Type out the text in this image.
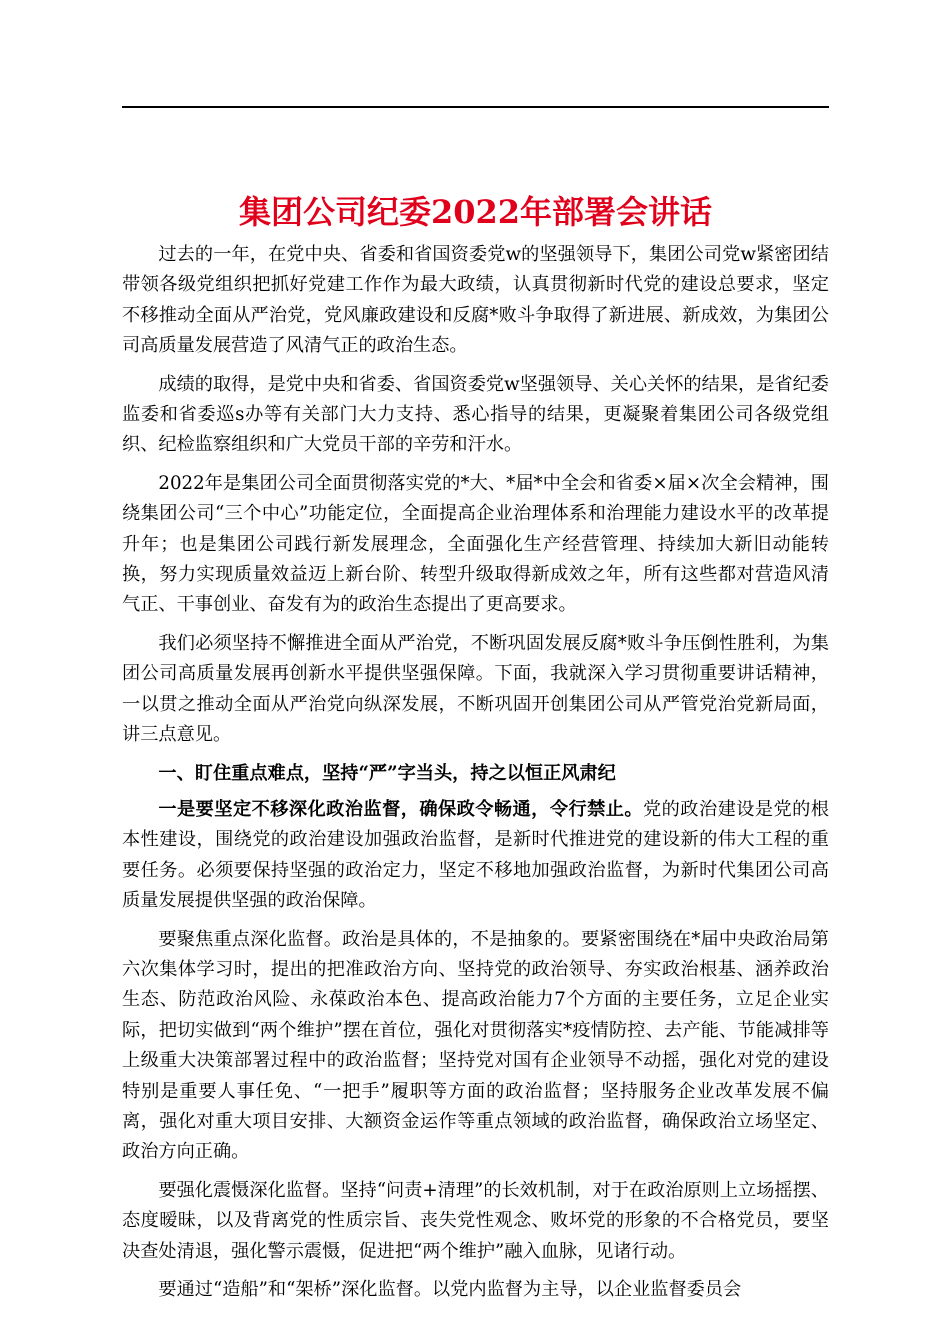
集团公司纪委2022年部署会讲话

过去的一年，在党中央、省委和省国资委党w的坚强领导下，集团公司党w紧密团结带领各级党组织把抓好党建工作作为最大政绩，认真贯彻新时代党的建设总要求，坚定不移推动全面从严治党，党风廉政建设和反腐*败斗争取得了新进展、新成效，为集团公司高质量发展营造了风清气正的政治生态。

成绩的取得，是党中央和省委、省国资委党w坚强领导、关心关怀的结果，是省纪委监委和省委巡s办等有关部门大力支持、悉心指导的结果，更凝聚着集团公司各级党组织、纪检监察组织和广大党员干部的辛劳和汗水。

2022年是集团公司全面贯彻落实党的*大、*届*中全会和省委×届×次全会精神，围绕集团公司“三个中心”功能定位，全面提高企业治理体系和治理能力建设水平的改革提升年；也是集团公司践行新发展理念，全面强化生产经营管理、持续加大新旧动能转换，努力实现质量效益迈上新台阶、转型升级取得新成效之年，所有这些都对营造风清气正、干事创业、奋发有为的政治生态提出了更高要求。

我们必须坚持不懈推进全面从严治党，不断巩固发展反腐*败斗争压倒性胜利，为集团公司高质量发展再创新水平提供坚强保障。下面，我就深入学习贯彻重要讲话精神，一以贯之推动全面从严治党向纵深发展，不断巩固开创集团公司从严管党治党新局面，讲三点意见。

一、盯住重点难点，坚持“严”字当头，持之以恒正风肃纪

一是要坚定不移深化政治监督，确保政令畅通，令行禁止。党的政治建设是党的根本性建设，围绕党的政治建设加强政治监督，是新时代推进党的建设新的伟大工程的重要任务。必须要保持坚强的政治定力，坚定不移地加强政治监督，为新时代集团公司高质量发展提供坚强的政治保障。

要聚焦重点深化监督。政治是具体的，不是抽象的。要紧密围绕在*届中央政治局第六次集体学习时，提出的把准政治方向、坚持党的政治领导、夯实政治根基、涵养政治生态、防范政治风险、永葆政治本色、提高政治能力7个方面的主要任务，立足企业实际，把切实做到“两个维护”摆在首位，强化对贯彻落实*疫情防控、去产能、节能减排等上级重大决策部署过程中的政治监督；坚持党对国有企业领导不动摇，强化对党的建设特别是重要人事任免、“一把手”履职等方面的政治监督；坚持服务企业改革发展不偏离，强化对重大项目安排、大额资金运作等重点领域的政治监督，确保政治立场坚定、政治方向正确。

要强化震慑深化监督。坚持“问责+清理”的长效机制，对于在政治原则上立场摇摆、态度暧昧，以及背离党的性质宗旨、丧失党性观念、败坏党的形象的不合格党员，要坚决查处清退，强化警示震慑，促进把“两个维护”融入血脉，见诸行动。

要通过“造船”和“架桥”深化监督。以党内监督为主导，以企业监督委员会
